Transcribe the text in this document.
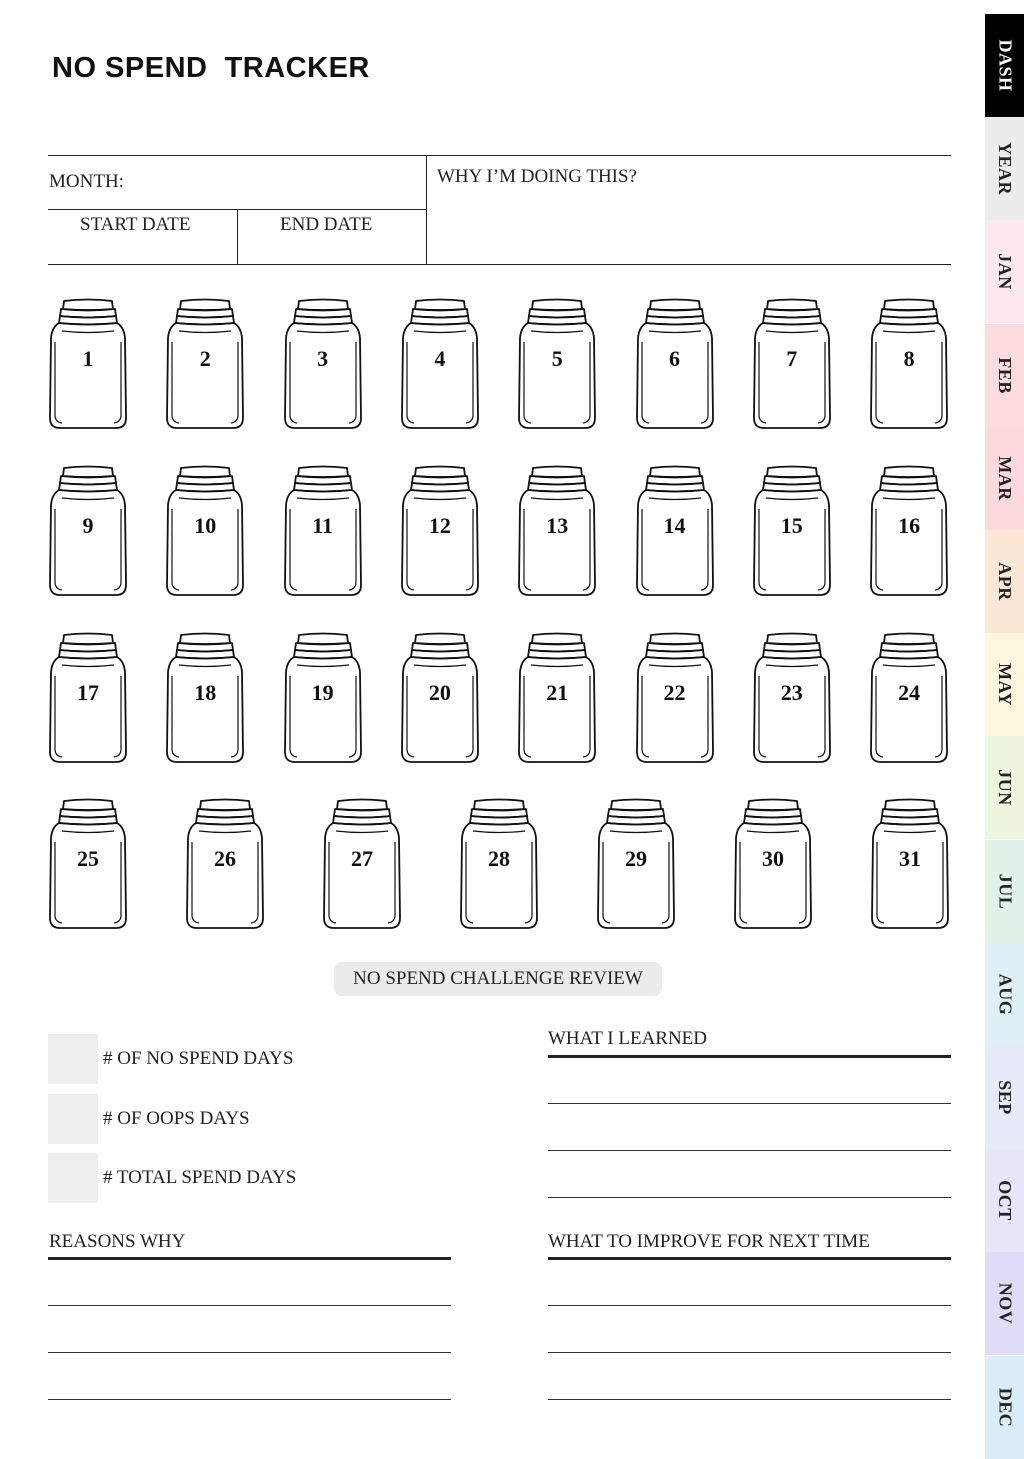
NO SPEND  TRACKER
MONTH:
START DATE	END DATE
WHY I’M DOING THIS?
1	2	3	4	5	6	7	8
9	10	11	12	13	14	15	16
17	18	19	20	21	22	23	24
25	26	27	28	29	30	31
NO SPEND CHALLENGE REVIEW
# OF NO SPEND DAYS
# OF OOPS DAYS
# TOTAL SPEND DAYS
WHAT I LEARNED
REASONS WHY	WHAT TO IMPROVE FOR NEXT TIME
DASH
YEAR
JAN
FEB
MAR
APR
MAY
JUN
JUL
AUG
SEP
OCT
NOV
DEC
